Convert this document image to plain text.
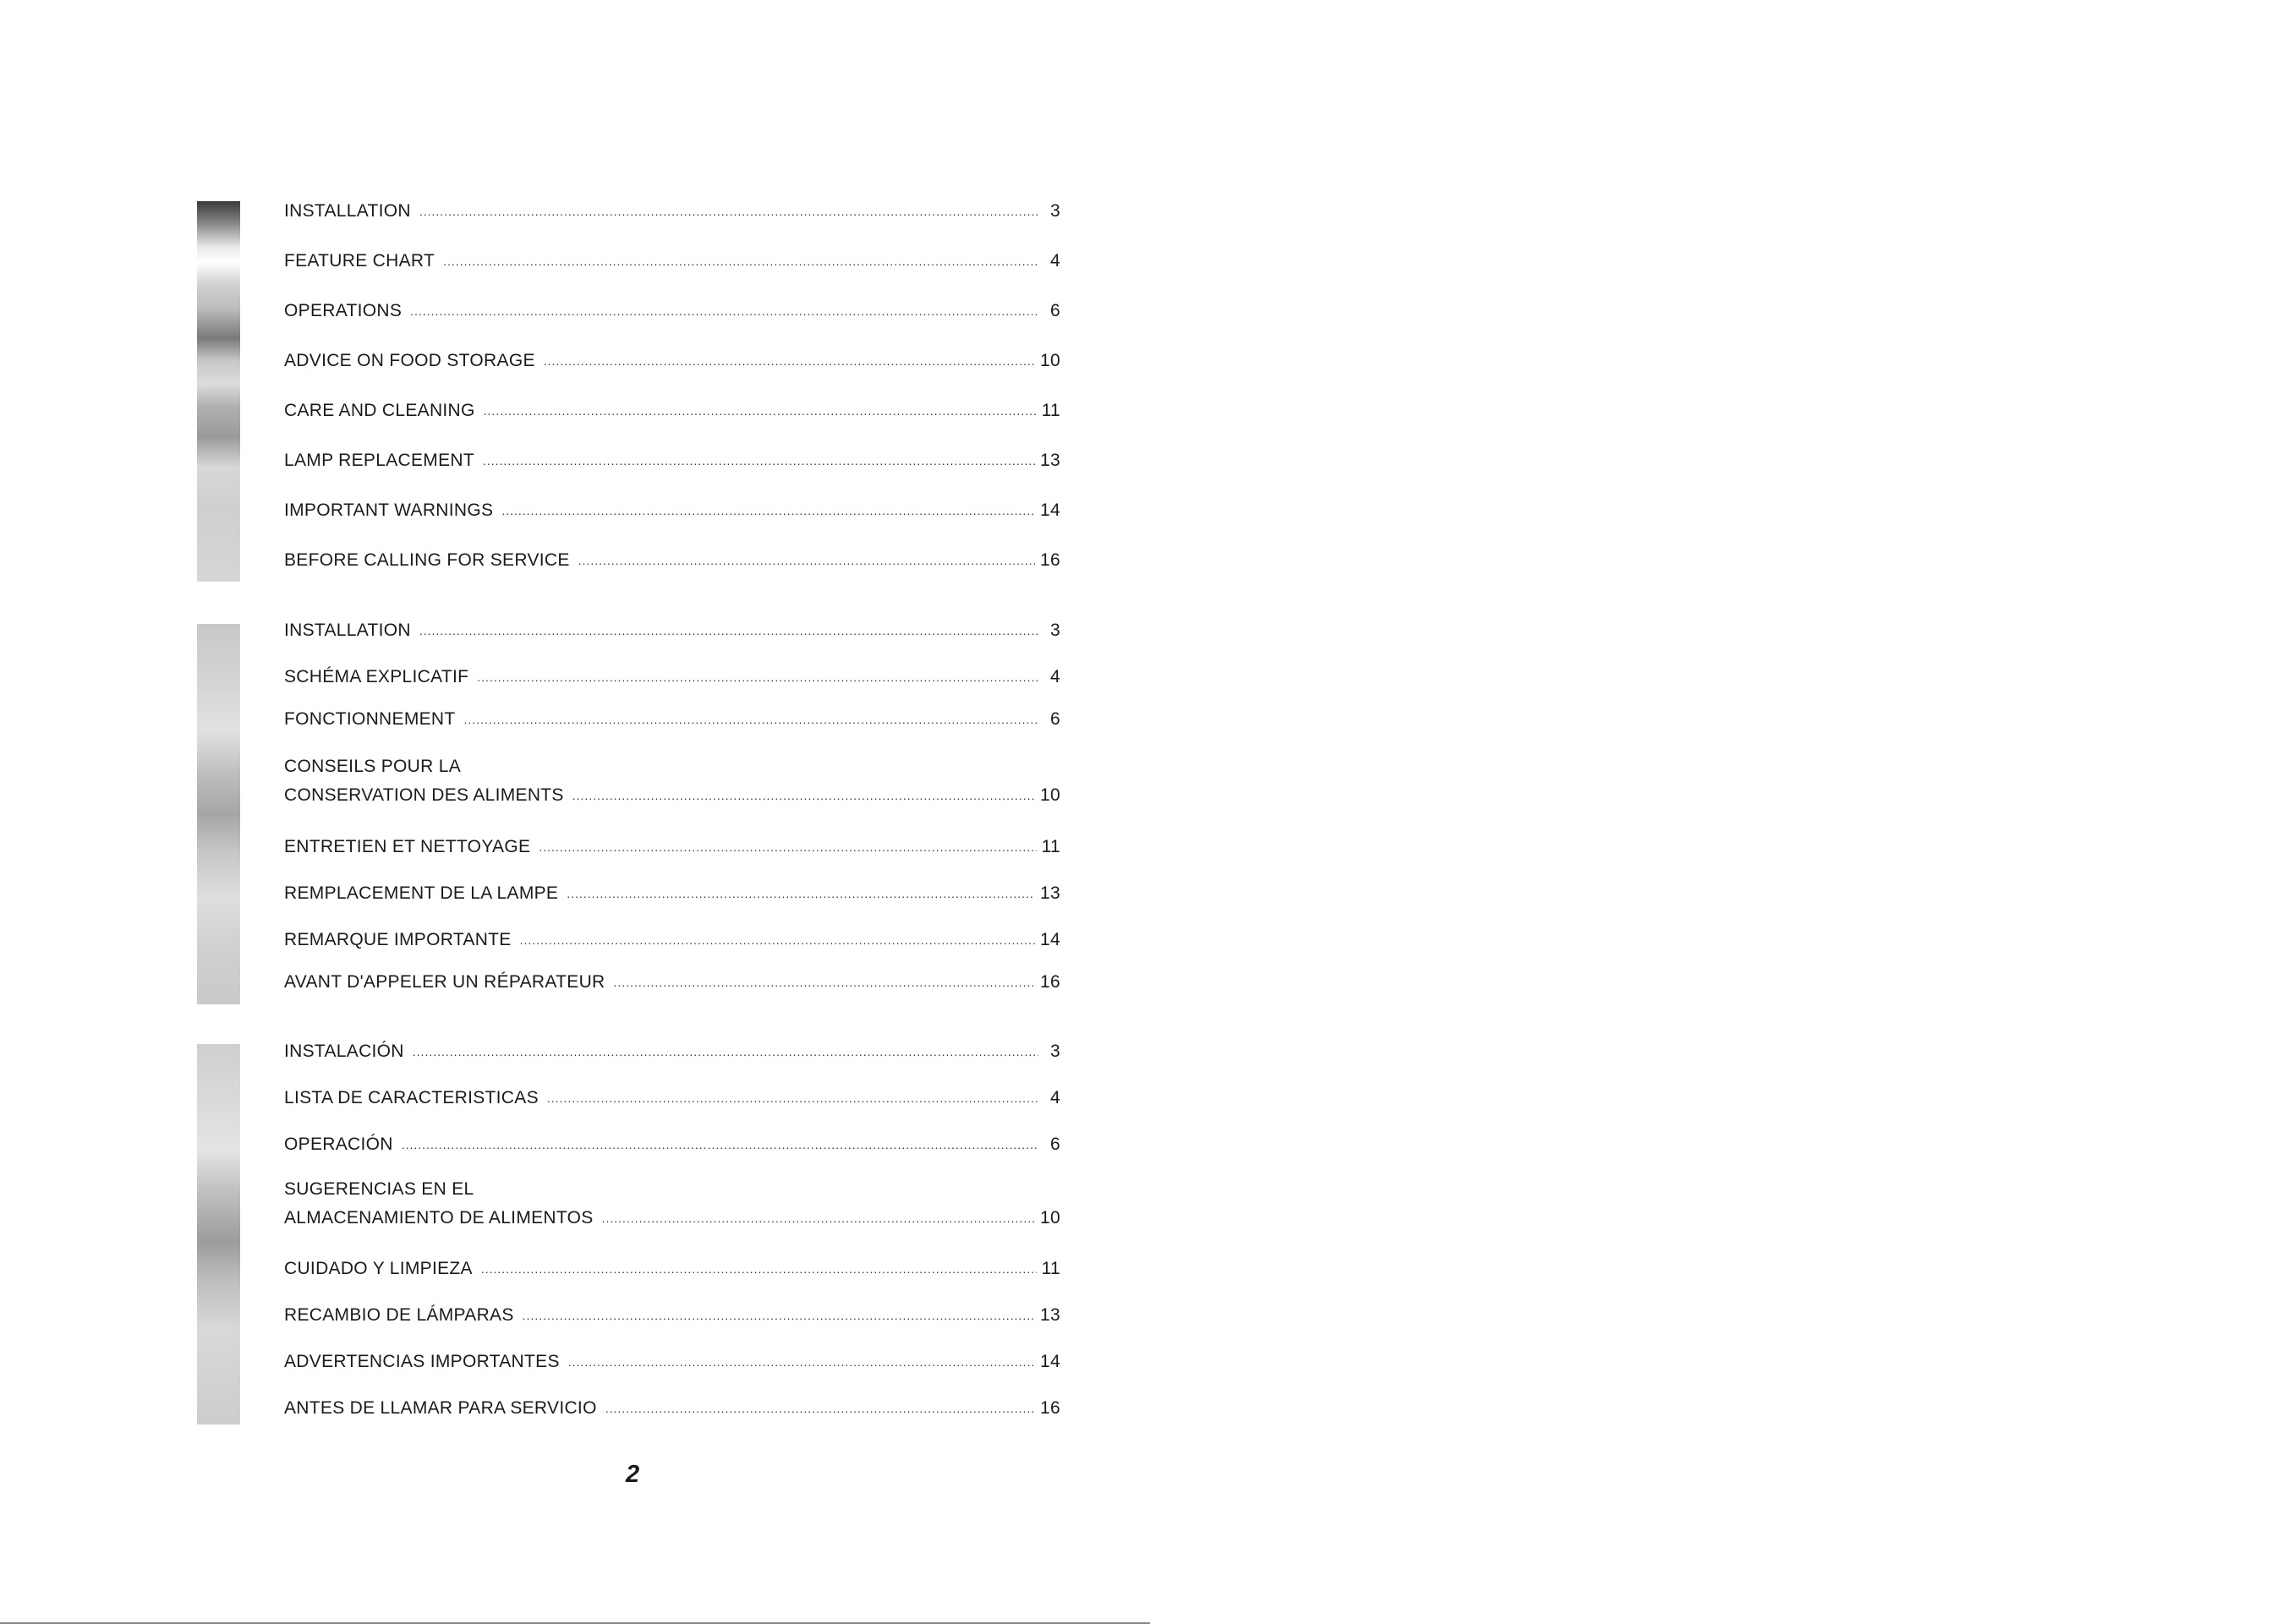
INSTALLATION .....	3
FEATURE CHART .....	4
OPERATIONS .....	6
ADVICE ON FOOD STORAGE .....	10
CARE AND CLEANING .....	11
LAMP REPLACEMENT .....	13
IMPORTANT WARNINGS .....	14
BEFORE CALLING FOR SERVICE .....	16
INSTALLATION .....	3
SCHÉMA EXPLICATIF .....	4
FONCTIONNEMENT .....	6
CONSEILS POUR LA
CONSERVATION DES ALIMENTS .....	10
ENTRETIEN ET NETTOYAGE .....	11
REMPLACEMENT DE LA LAMPE .....	13
REMARQUE IMPORTANTE .....	14
AVANT D'APPELER UN RÉPARATEUR .....	16
INSTALACIÓN .....	3
LISTA DE CARACTERISTICAS .....	4
OPERACIÓN .....	6
SUGERENCIAS EN EL
ALMACENAMIENTO DE ALIMENTOS .....	10
CUIDADO Y LIMPIEZA .....	11
RECAMBIO DE LÁMPARAS .....	13
ADVERTENCIAS IMPORTANTES .....	14
ANTES DE LLAMAR PARA SERVICIO .....	16
2
